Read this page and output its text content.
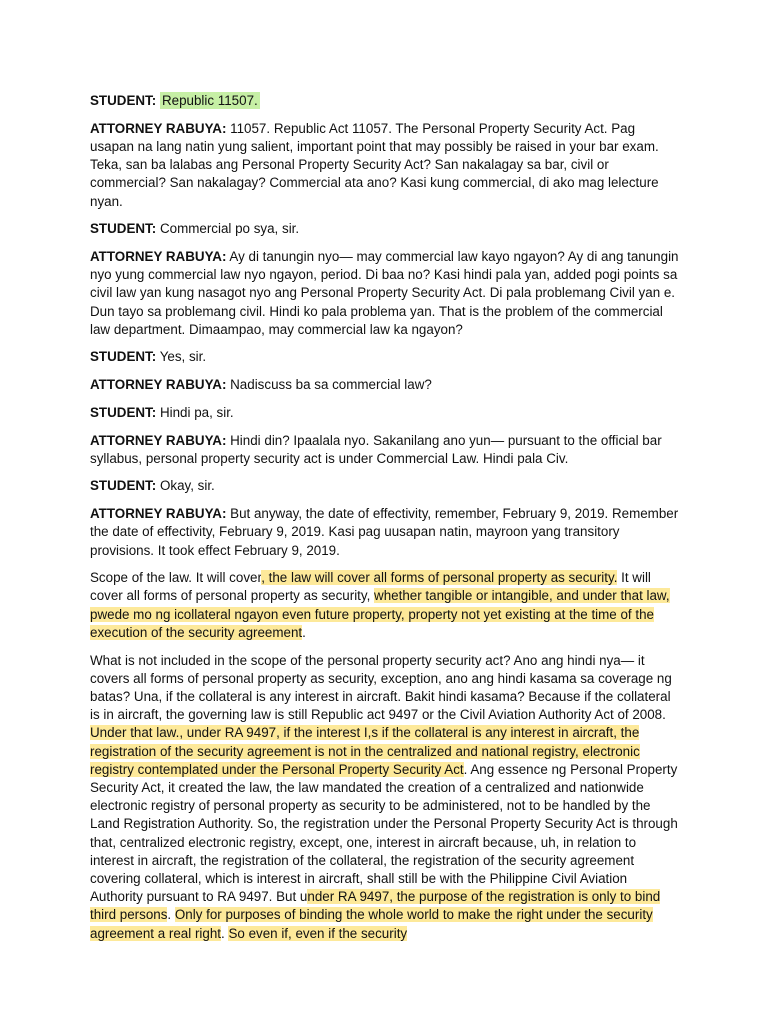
STUDENT: Republic 11507.

ATTORNEY RABUYA: 11057. Republic Act 11057. The Personal Property Security Act. Pag usapan na lang natin yung salient, important point that may possibly be raised in your bar exam. Teka, san ba lalabas ang Personal Property Security Act? San nakalagay sa bar, civil or commercial? San nakalagay? Commercial ata ano? Kasi kung commercial, di ako mag lelecture nyan.

STUDENT: Commercial po sya, sir.

ATTORNEY RABUYA: Ay di tanungin nyo— may commercial law kayo ngayon? Ay di ang tanungin nyo yung commercial law nyo ngayon, period. Di baa no? Kasi hindi pala yan, added pogi points sa civil law yan kung nasagot nyo ang Personal Property Security Act. Di pala problemang Civil yan e. Dun tayo sa problemang civil. Hindi ko pala problema yan. That is the problem of the commercial law department. Dimaampao, may commercial law ka ngayon?

STUDENT: Yes, sir.

ATTORNEY RABUYA: Nadiscuss ba sa commercial law?

STUDENT: Hindi pa, sir.

ATTORNEY RABUYA: Hindi din? Ipaalala nyo. Sakanilang ano yun— pursuant to the official bar syllabus, personal property security act is under Commercial Law. Hindi pala Civ.

STUDENT: Okay, sir.

ATTORNEY RABUYA: But anyway, the date of effectivity, remember, February 9, 2019. Remember the date of effectivity, February 9, 2019. Kasi pag uusapan natin, mayroon yang transitory provisions. It took effect February 9, 2019.

Scope of the law. It will cover, the law will cover all forms of personal property as security. It will cover all forms of personal property as security, whether tangible or intangible, and under that law, pwede mo ng icollateral ngayon even future property, property not yet existing at the time of the execution of the security agreement.

What is not included in the scope of the personal property security act? Ano ang hindi nya— it covers all forms of personal property as security, exception, ano ang hindi kasama sa coverage ng batas? Una, if the collateral is any interest in aircraft. Bakit hindi kasama? Because if the collateral is in aircraft, the governing law is still Republic act 9497 or the Civil Aviation Authority Act of 2008. Under that law., under RA 9497, if the interest I,s if the collateral is any interest in aircraft, the registration of the security agreement is not in the centralized and national registry, electronic registry contemplated under the Personal Property Security Act. Ang essence ng Personal Property Security Act, it created the law, the law mandated the creation of a centralized and nationwide electronic registry of personal property as security to be administered, not to be handled by the Land Registration Authority. So, the registration under the Personal Property Security Act is through that, centralized electronic registry, except, one, interest in aircraft because, uh, in relation to interest in aircraft, the registration of the collateral, the registration of the security agreement covering collateral, which is interest in aircraft, shall still be with the Philippine Civil Aviation Authority pursuant to RA 9497. But under RA 9497, the purpose of the registration is only to bind third persons. Only for purposes of binding the whole world to make the right under the security agreement a real right. So even if, even if the security
